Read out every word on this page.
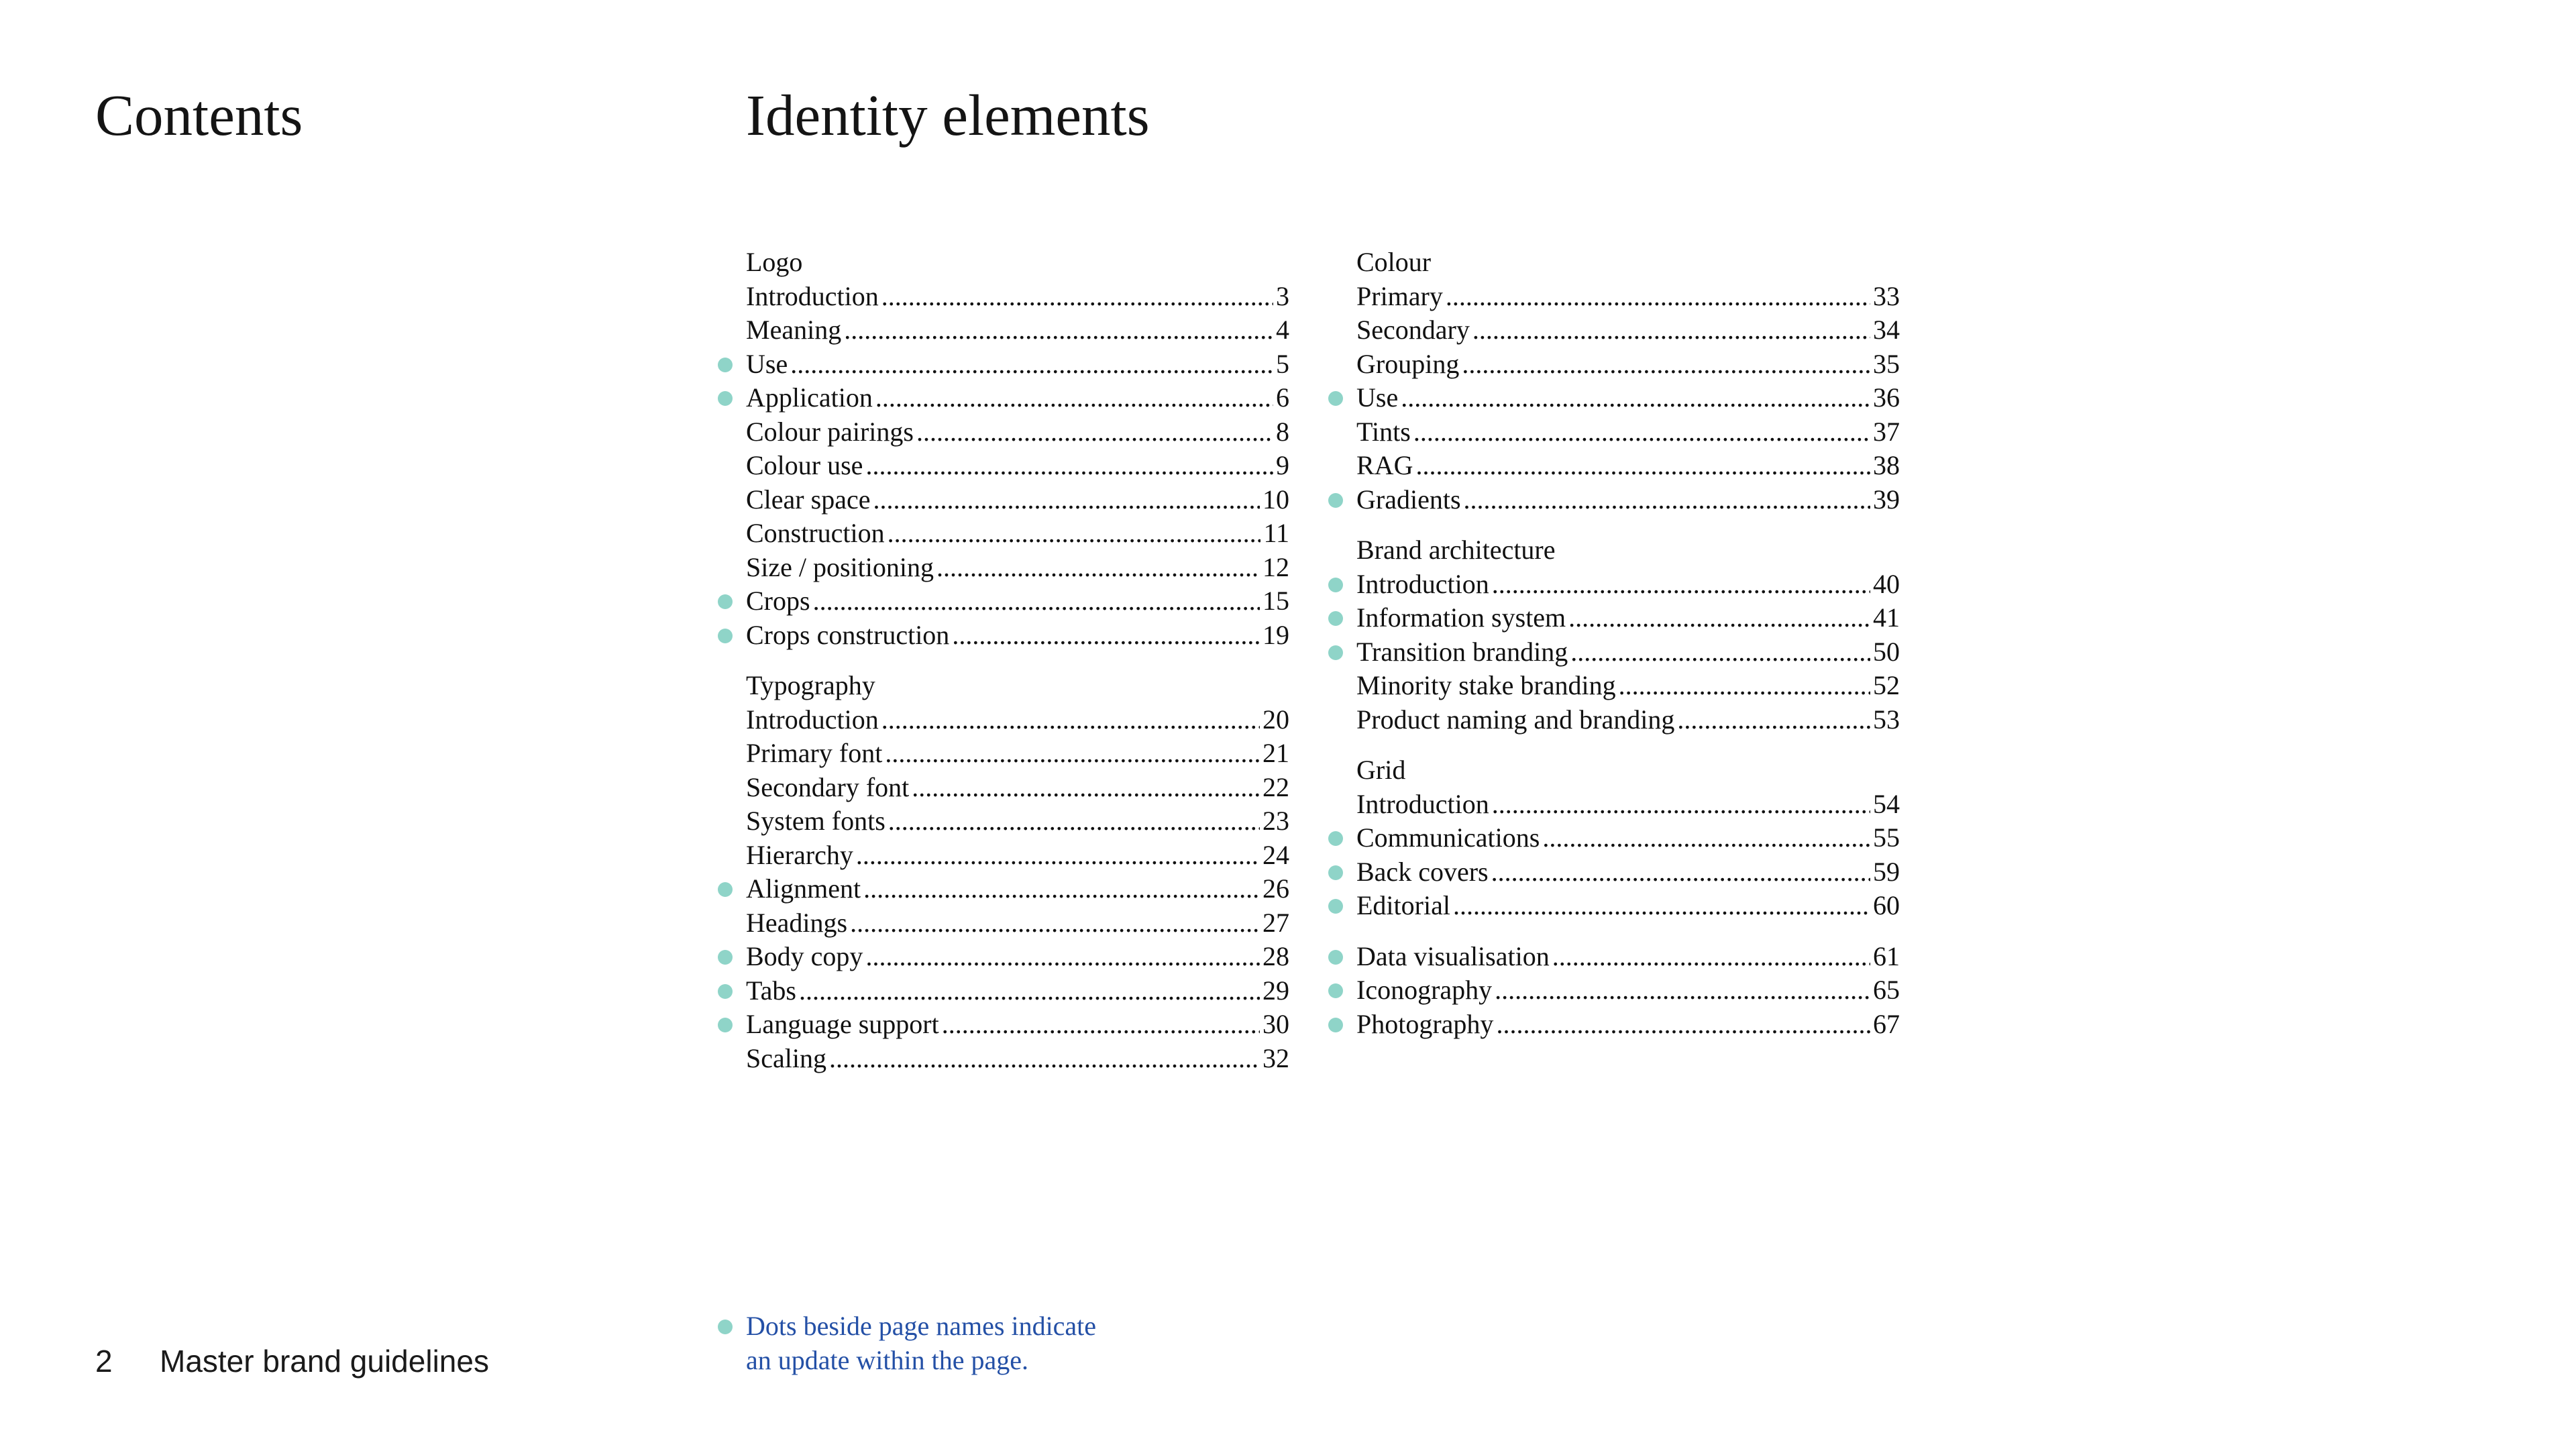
Contents	Identity elements
Logo
Introduction .....	3
Meaning .....	4
Use .....	5
Application .....	6
Colour pairings .....	8
Colour use .....	9
Clear space .....	10
Construction .....	11
Size / positioning .....	12
Crops .....	15
Crops construction .....	19
Typography
Introduction .....	20
Primary font .....	21
Secondary font .....	22
System fonts .....	23
Hierarchy .....	24
Alignment .....	26
Headings .....	27
Body copy .....	28
Tabs .....	29
Language support .....	30
Scaling .....	32
Colour
Primary .....	33
Secondary .....	34
Grouping .....	35
Use .....	36
Tints .....	37
RAG .....	38
Gradients .....	39
Brand architecture
Introduction .....	40
Information system .....	41
Transition branding .....	50
Minority stake branding .....	52
Product naming and branding .....	53
Grid
Introduction .....	54
Communications .....	55
Back covers .....	59
Editorial .....	60
Data visualisation .....	61
Iconography .....	65
Photography .....	67
Dots beside page names indicate
an update within the page.
2 Master brand guidelines
